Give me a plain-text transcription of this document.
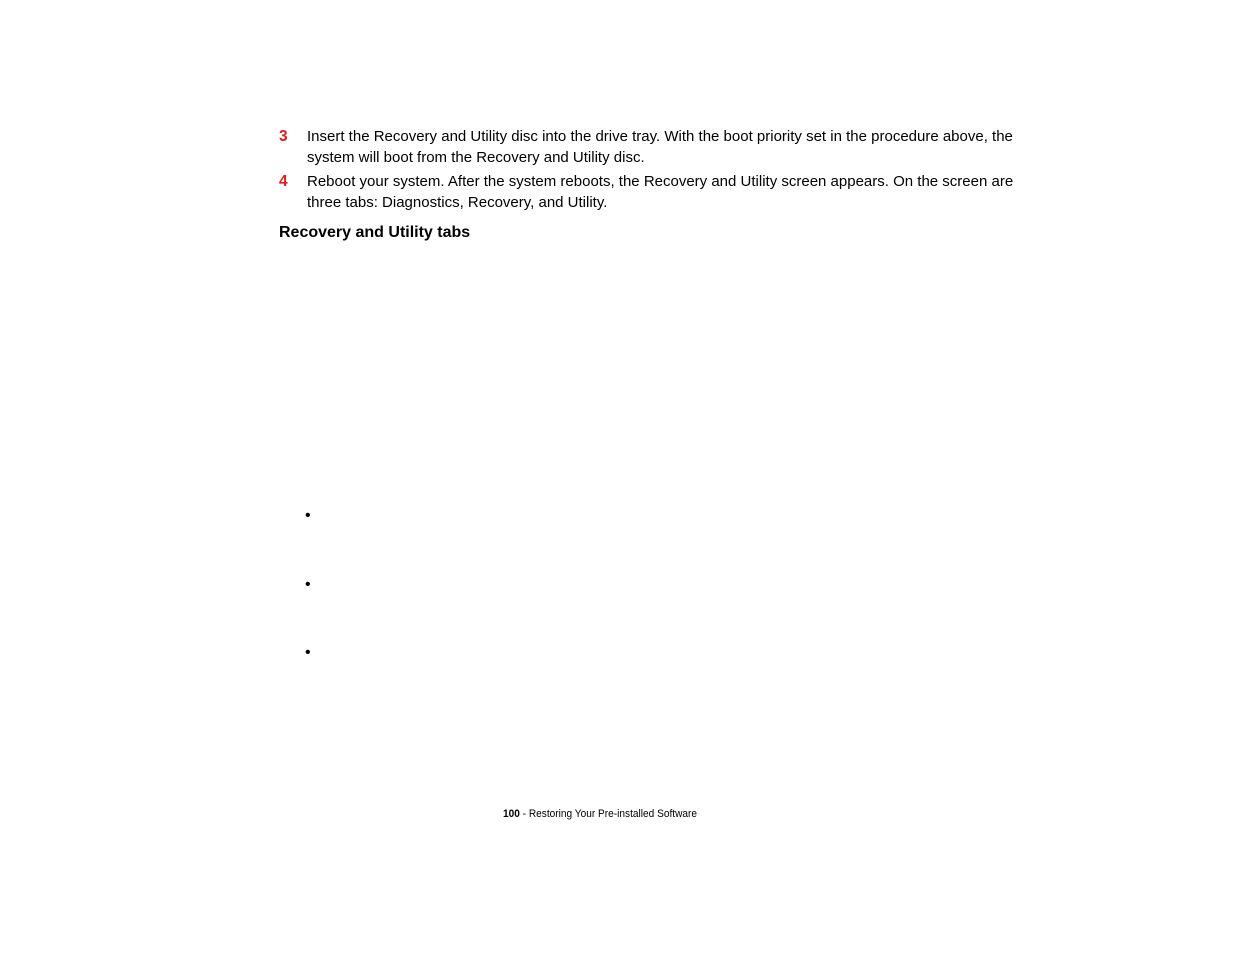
3 Insert the Recovery and Utility disc into the drive tray. With the boot priority set in the procedure above, the system will boot from the Recovery and Utility disc.
4 Reboot your system. After the system reboots, the Recovery and Utility screen appears. On the screen are three tabs: Diagnostics, Recovery, and Utility.
Recovery and Utility tabs
•
•
•
100 - Restoring Your Pre-installed Software
